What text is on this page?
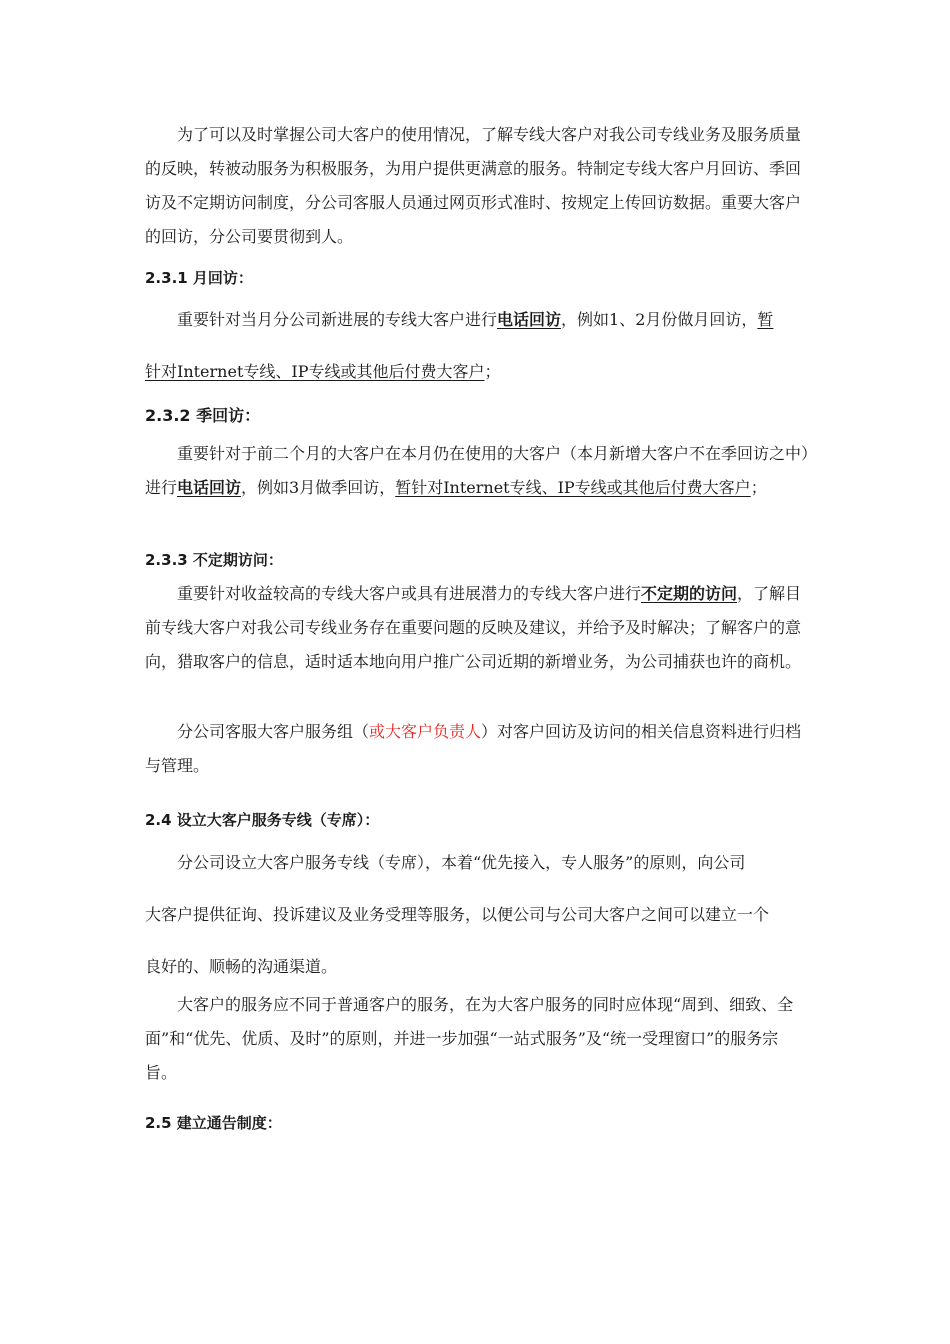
为了可以及时掌握公司大客户的使用情况，了解专线大客户对我公司专线业务及服务质量的反映，转被动服务为积极服务，为用户提供更满意的服务。特制定专线大客户月回访、季回访及不定期访问制度，分公司客服人员通过网页形式准时、按规定上传回访数据。重要大客户的回访，分公司要贯彻到人。

2.3.1 月回访：

重要针对当月分公司新进展的专线大客户进行电话回访，例如1、2月份做月回访，暂

针对Internet专线、IP专线或其他后付费大客户；

2.3.2 季回访：

重要针对于前二个月的大客户在本月仍在使用的大客户（本月新增大客户不在季回访之中）进行电话回访，例如3月做季回访，暂针对Internet专线、IP专线或其他后付费大客户；

2.3.3 不定期访问：

重要针对收益较高的专线大客户或具有进展潜力的专线大客户进行不定期的访问，了解目前专线大客户对我公司专线业务存在重要问题的反映及建议，并给予及时解决；了解客户的意向，猎取客户的信息，适时适本地向用户推广公司近期的新增业务，为公司捕获也许的商机。

分公司客服大客户服务组（或大客户负责人）对客户回访及访问的相关信息资料进行归档与管理。

2.4 设立大客户服务专线（专席）：

分公司设立大客户服务专线（专席），本着“优先接入，专人服务”的原则，向公司

大客户提供征询、投诉建议及业务受理等服务，以便公司与公司大客户之间可以建立一个

良好的、顺畅的沟通渠道。

大客户的服务应不同于普通客户的服务，在为大客户服务的同时应体现“周到、细致、全面”和“优先、优质、及时”的原则，并进一步加强“一站式服务”及“统一受理窗口”的服务宗旨。

2.5 建立通告制度：
